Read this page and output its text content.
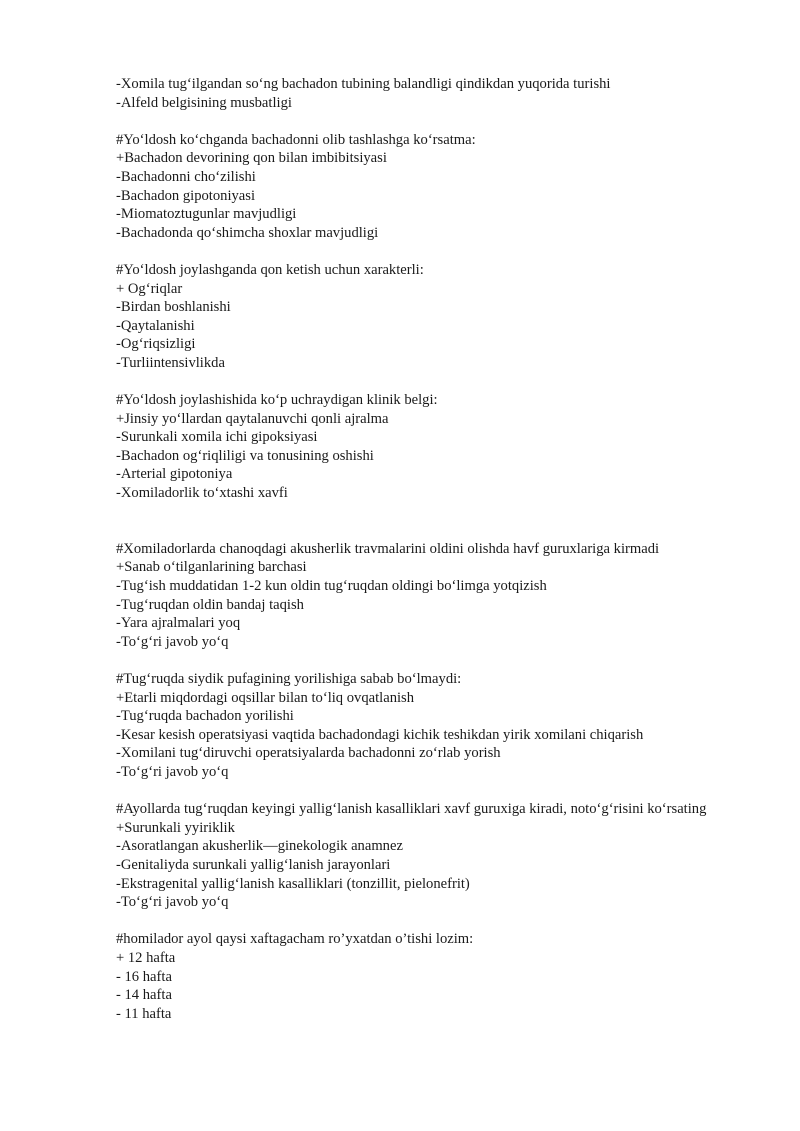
-Xomila tug‘ilgandan so‘ng bachadon tubining balandligi qindikdan yuqorida turishi
-Alfeld belgisining musbatligi
#Yo‘ldosh ko‘chganda bachadonni olib tashlashga ko‘rsatma:
+Bachadon devorining qon bilan imbibitsiyasi
-Bachadonni cho‘zilishi
-Bachadon gipotoniyasi
-Miomatoztugunlar mavjudligi
-Bachadonda qo‘shimcha shoxlar mavjudligi
#Yo‘ldosh joylashganda qon ketish uchun xarakterli:
+ Og‘riqlar
-Birdan boshlanishi
-Qaytalanishi
-Og‘riqsizligi
-Turliintensivlikda
#Yo‘ldosh joylashishida ko‘p uchraydigan klinik belgi:
+Jinsiy yo‘llardan qaytalanuvchi qonli ajralma
-Surunkali xomila ichi gipoksiyasi
-Bachadon og‘riqliligi va tonusining oshishi
-Arterial gipotoniya
-Xomiladorlik to‘xtashi xavfi
#Xomiladorlarda chanoqdagi akusherlik travmalarini oldini olishda havf guruxlariga kirmadi
+Sanab o‘tilganlarining barchasi
-Tug‘ish muddatidan 1-2 kun oldin tug‘ruqdan oldingi bo‘limga yotqizish
-Tug‘ruqdan oldin bandaj taqish
-Yara ajralmalari yoq
-To‘g‘ri javob yo‘q
#Tug‘ruqda siydik pufagining yorilishiga sabab bo‘lmaydi:
+Etarli miqdordagi oqsillar bilan to‘liq ovqatlanish
-Tug‘ruqda bachadon yorilishi
-Kesar kesish operatsiyasi vaqtida bachadondagi kichik teshikdan yirik xomilani chiqarish
-Xomilani tug‘diruvchi operatsiyalarda bachadonni zo‘rlab yorish
-To‘g‘ri javob yo‘q
#Ayollarda tug‘ruqdan keyingi yallig‘lanish kasalliklari xavf guruxiga kiradi, noto‘g‘risini ko‘rsating
+Surunkali yyiriklik
-Asoratlangan akusherlik—ginekologik anamnez
-Genitaliyda surunkali yallig‘lanish jarayonlari
-Ekstragenital yallig‘lanish kasalliklari (tonzillit, pielonefrit)
-To‘g‘ri javob yo‘q
#homilador ayol qaysi xaftagacham ro’yxatdan o’tishi lozim:
+ 12 hafta
- 16 hafta
- 14 hafta
- 11 hafta
